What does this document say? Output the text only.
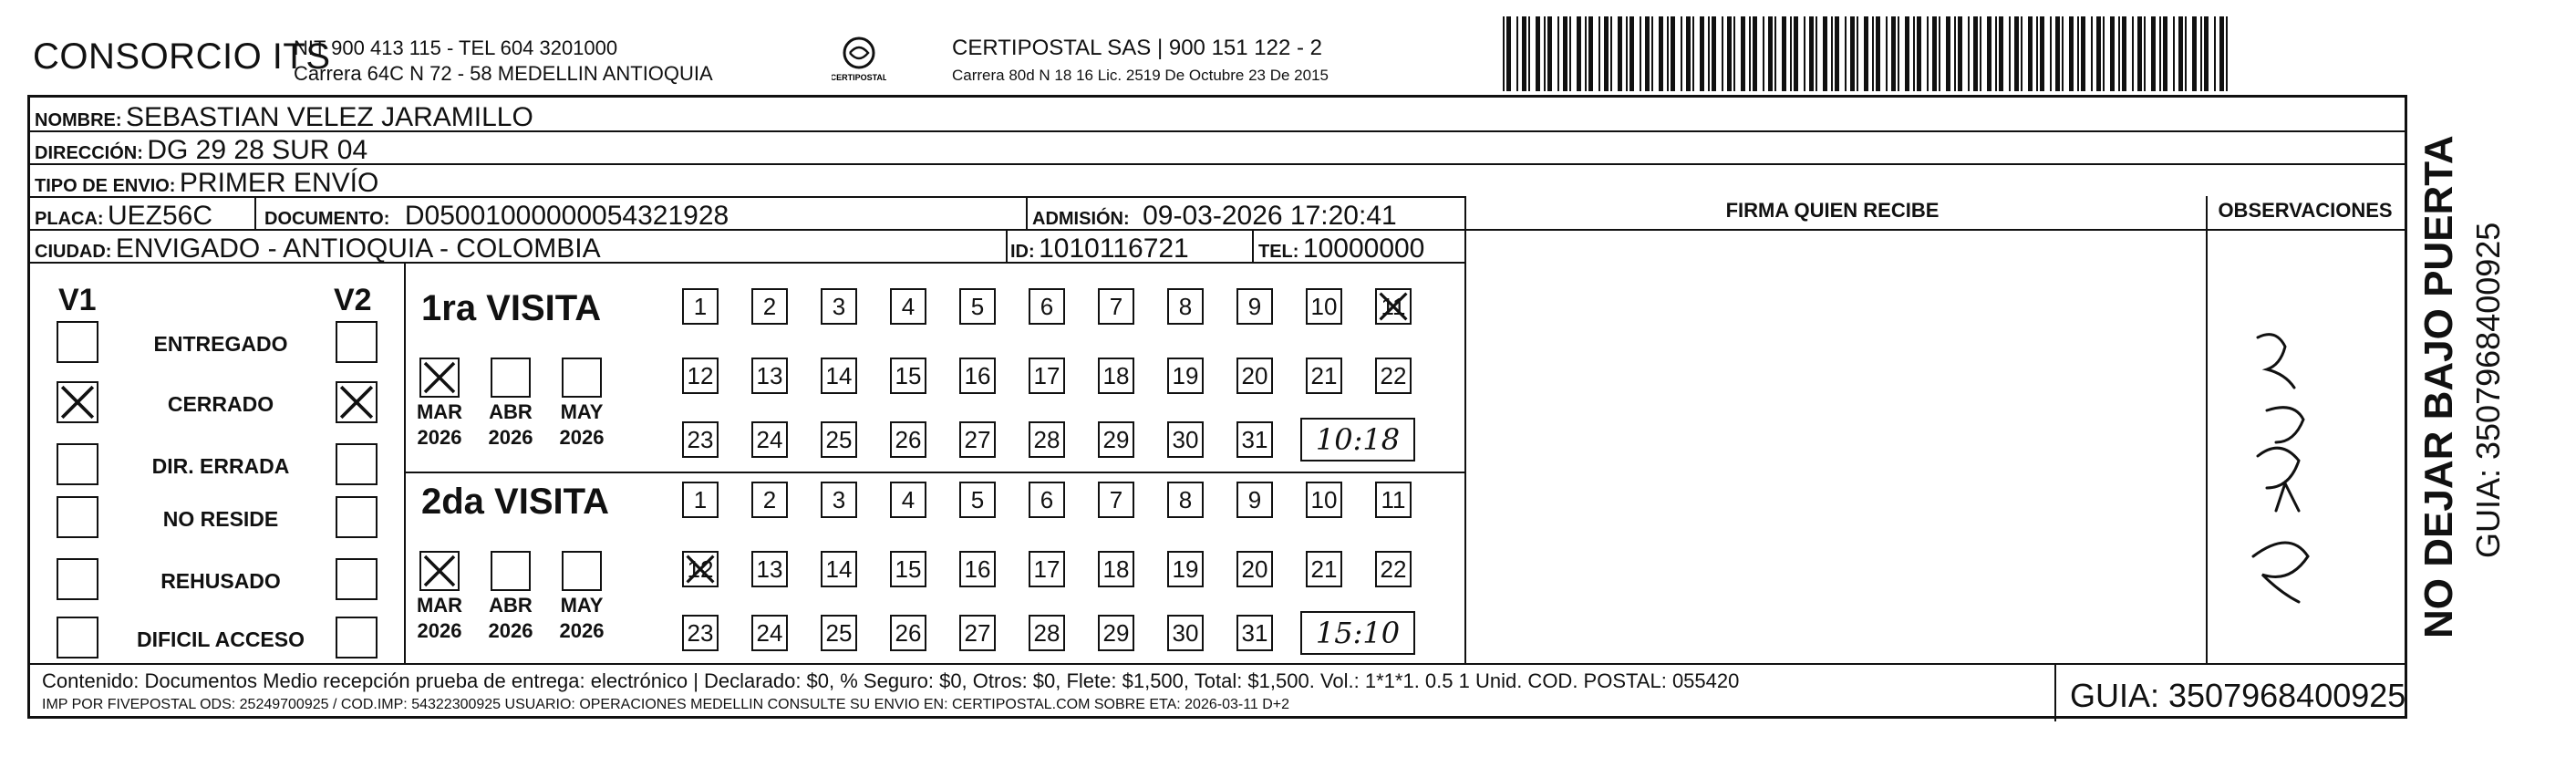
CONSORCIO ITS
NIT 900 413 115 - TEL 604 3201000
Carrera 64C N 72 - 58 MEDELLIN ANTIOQUIA	CERTIPOSTAL
CERTIPOSTAL SAS | 900 151 122 - 2
Carrera 80d N 18 16 Lic. 2519 De Octubre 23 De 2015
NOMBRE: SEBASTIAN VELEZ JARAMILLO
DIRECCIÓN: DG 29 28 SUR 04
TIPO DE ENVIO: PRIMER ENVÍO
PLACA: UEZ56C	DOCUMENTO: D05001000000054321928	ADMISIÓN: 09-03-2026 17:20:41
CIUDAD: ENVIGADO - ANTIOQUIA - COLOMBIA	ID: 1010116721	TEL: 10000000
FIRMA QUIEN RECIBE	OBSERVACIONES
V1	V2
ENTREGADO
CERRADO
DIR. ERRADA
NO RESIDE
REHUSADO
DIFICIL ACCESO
1ra VISITA
MAR
2026
ABR
2026
MAY
2026
1	2	3	4	5	6	7	8	9	10 11
12 13 14 15 16 17 18 19 20 21 22
23 24 25 26 27 28 29 30 31	10:18
2da VISITA
MAR
2026
ABR
2026
MAY
2026
1	2	3	4	5	6	7	8	9	10 11
12 13 14 15 16 17 18 19 20 21 22
23 24 25 26 27 28 29 30 31	15:10	NO DEJAR BAJO PUERTA GUIA: 3507968400925
Contenido: Documentos Medio recepción prueba de entrega: electrónico | Declarado: $0, % Seguro: $0, Otros: $0, Flete: $1,500, Total: $1,500. Vol.: 1*1*1. 0.5 1 Unid. COD. POSTAL: 055420
IMP POR FIVEPOSTAL ODS: 25249700925 / COD.IMP: 54322300925 USUARIO: OPERACIONES MEDELLIN CONSULTE SU ENVIO EN: CERTIPOSTAL.COM SOBRE ETA: 2026-03-11 D+2	GUIA: 3507968400925
